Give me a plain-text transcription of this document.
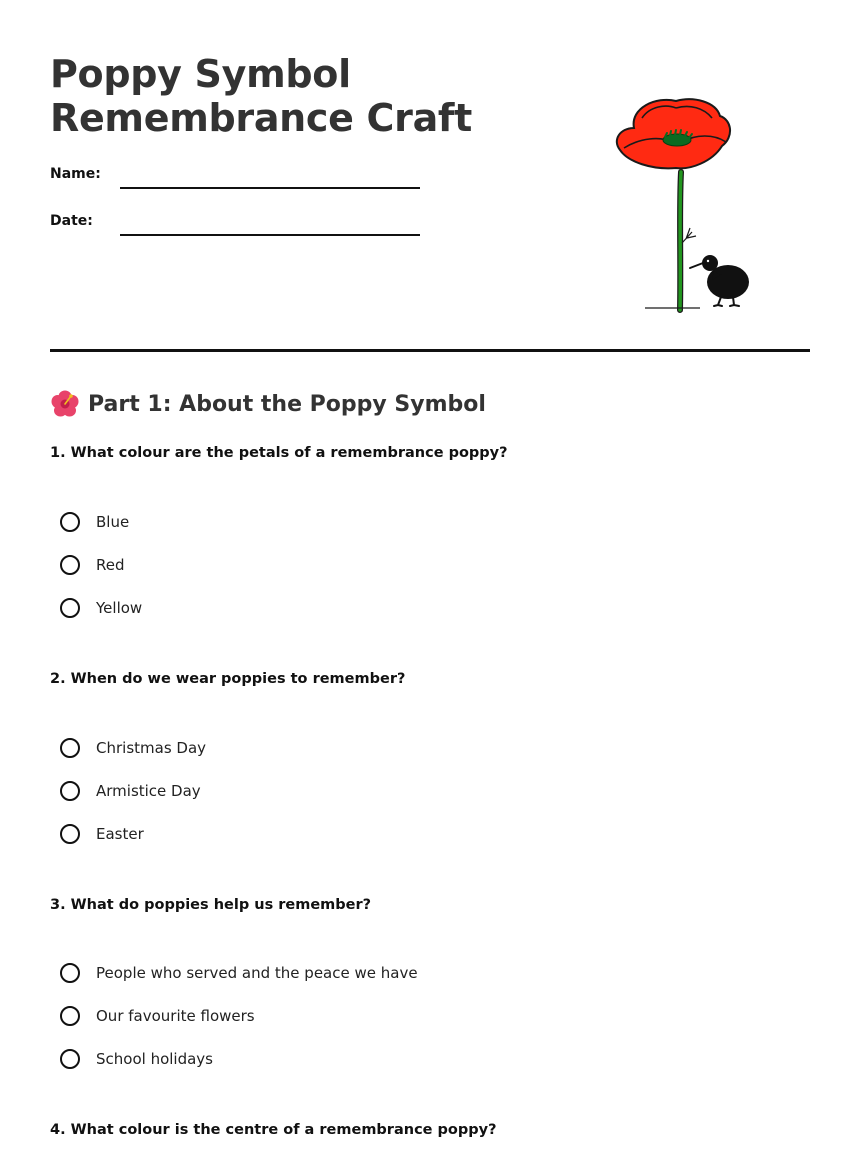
Poppy Symbol
Remembrance Craft
Name:
Date:
Part 1: About the Poppy Symbol
1. What colour are the petals of a remembrance poppy?
Blue
Red
Yellow
2. When do we wear poppies to remember?
Christmas Day
Armistice Day
Easter
3. What do poppies help us remember?
People who served and the peace we have
Our favourite flowers
School holidays
4. What colour is the centre of a remembrance poppy?
